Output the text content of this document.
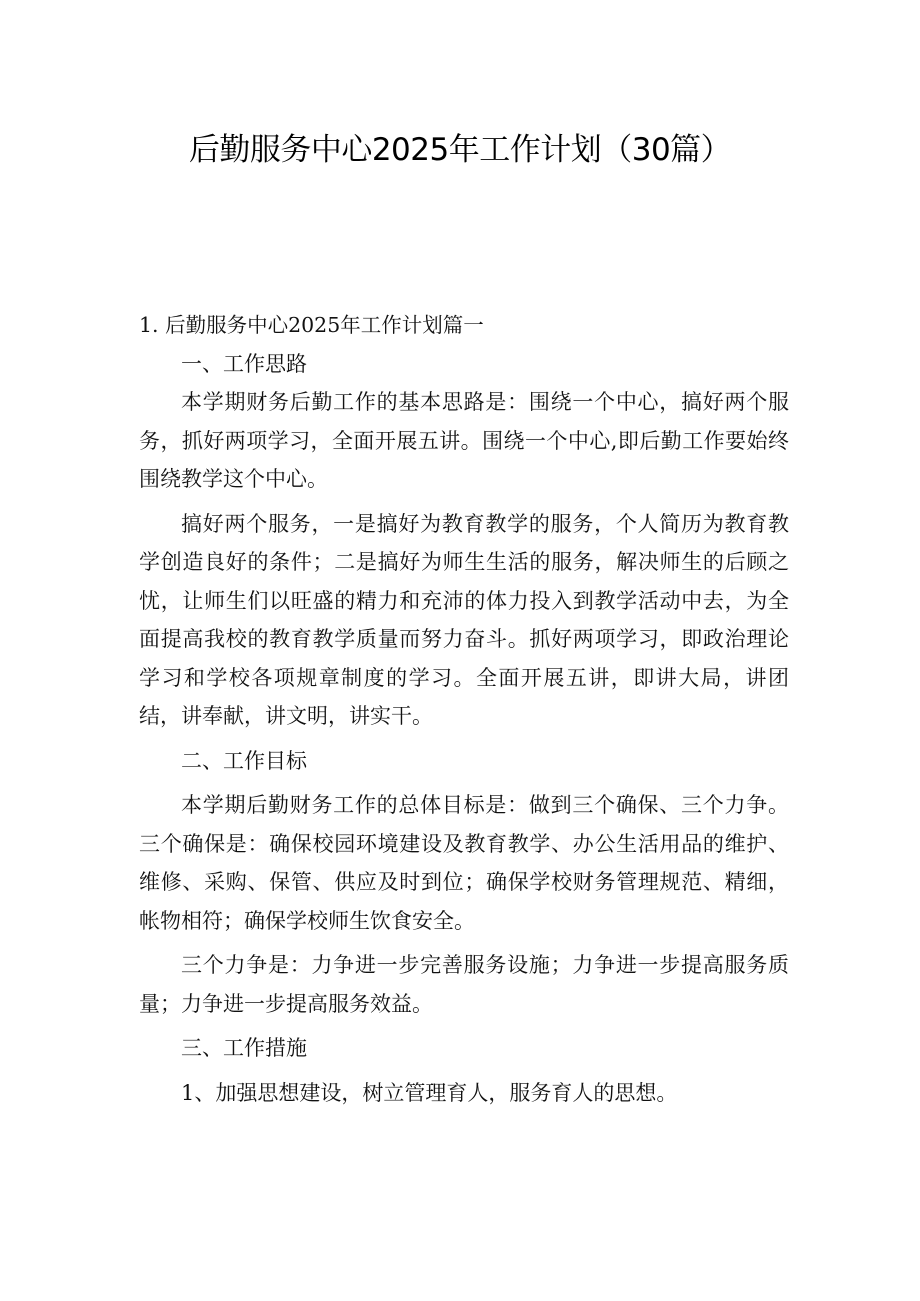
后勤服务中心2025年工作计划（30篇）

1. 后勤服务中心2025年工作计划篇一

一、工作思路

本学期财务后勤工作的基本思路是：围绕一个中心，搞好两个服务，抓好两项学习，全面开展五讲。围绕一个中心,即后勤工作要始终围绕教学这个中心。

搞好两个服务，一是搞好为教育教学的服务，个人简历为教育教学创造良好的条件；二是搞好为师生生活的服务，解决师生的后顾之忧，让师生们以旺盛的精力和充沛的体力投入到教学活动中去，为全面提高我校的教育教学质量而努力奋斗。抓好两项学习，即政治理论学习和学校各项规章制度的学习。全面开展五讲，即讲大局，讲团结，讲奉献，讲文明，讲实干。

二、工作目标

本学期后勤财务工作的总体目标是：做到三个确保、三个力争。三个确保是：确保校园环境建设及教育教学、办公生活用品的维护、维修、采购、保管、供应及时到位；确保学校财务管理规范、精细，帐物相符；确保学校师生饮食安全。

三个力争是：力争进一步完善服务设施；力争进一步提高服务质量；力争进一步提高服务效益。

三、工作措施

1、加强思想建设，树立管理育人，服务育人的思想。
